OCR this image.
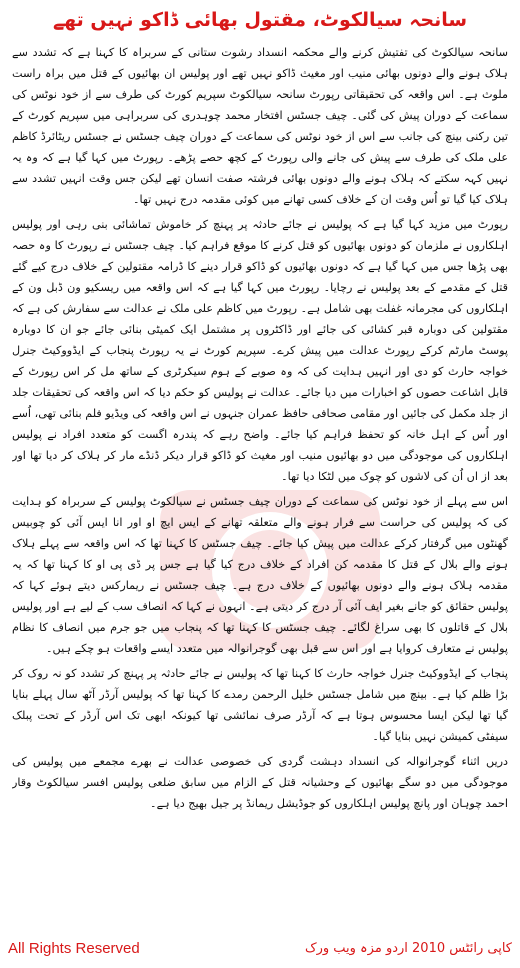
سانحہ سیالکوٹ، مقتول بھائی ڈاکو نہیں تھے

سانحہ سیالکوٹ کی تفتیش کرنے والے محکمہ انسداد رشوت ستانی کے سربراہ کا کہنا ہے کہ تشدد سے ہلاک ہونے والے دونوں بھائی منیب اور مغیث ڈاکو نہیں تھے اور پولیس ان بھائیوں کے قتل میں براہ راست ملوث ہے۔ اس واقعہ کی تحقیقاتی رپورٹ سانحہ سیالکوٹ سپریم کورٹ کی طرف سے از خود نوٹس کی سماعت کے دوران پیش کی گئی۔ چیف جسٹس افتخار محمد چوہدری کی سربراہی میں سپریم کورٹ کے تین رکنی بینچ کی جانب سے اس از خود نوٹس کی سماعت کے دوران چیف جسٹس نے جسٹس ریٹائرڈ کاظم علی ملک کی طرف سے پیش کی جانے والی رپورٹ کے کچھ حصے پڑھے۔ رپورٹ میں کہا گیا ہے کہ وہ یہ نہیں کہہ سکتے کہ ہلاک ہونے والے دونوں بھائی فرشتہ صفت انسان تھے لیکن جس وقت انہیں تشدد سے ہلاک کیا گیا تو اُس وقت ان کے خلاف کسی تھانے میں کوئی مقدمہ درج نہیں تھا۔

رپورٹ میں مزید کہا گیا ہے کہ پولیس نے جائے حادثہ پر پہنچ کر خاموش تماشائی بنی رہی اور پولیس اہلکاروں نے ملزمان کو دونوں بھائیوں کو قتل کرنے کا موقع فراہم کیا۔ چیف جسٹس نے رپورٹ کا وہ حصہ بھی پڑھا جس میں کہا گیا ہے کہ دونوں بھائیوں کو ڈاکو قرار دینے کا ڈرامہ مقتولین کے خلاف درج کیے گئے قتل کے مقدمے کے بعد پولیس نے رچایا۔ رپورٹ میں کہا گیا ہے کہ اس واقعہ میں ریسکیو ون ڈبل ون کے اہلکاروں کی مجرمانہ غفلت بھی شامل ہے۔ رپورٹ میں کاظم علی ملک نے عدالت سے سفارش کی ہے کہ مقتولین کی دوبارہ قبر کشائی کی جائے اور ڈاکٹروں پر مشتمل ایک کمیٹی بنائی جائے جو ان کا دوبارہ پوسٹ مارٹم کرکے رپورٹ عدالت میں پیش کرے۔ سپریم کورٹ نے یہ رپورٹ پنجاب کے ایڈووکیٹ جنرل خواجہ حارث کو دی اور انہیں ہدایت کی کہ وہ صوبے کے ہوم سیکرٹری کے ساتھ مل کر اس رپورٹ کے قابل اشاعت حصوں کو اخبارات میں دیا جائے۔ عدالت نے پولیس کو حکم دیا کہ اس واقعہ کی تحقیقات جلد از جلد مکمل کی جائیں اور مقامی صحافی حافظ عمران جنہوں نے اس واقعہ کی ویڈیو فلم بنائی تھی، اُسے اور اُس کے اہل خانہ کو تحفظ فراہم کیا جائے۔ واضح رہے کہ پندرہ اگست کو متعدد افراد نے پولیس اہلکاروں کی موجودگی میں دو بھائیوں منیب اور مغیث کو ڈاکو قرار دیکر ڈنڈے مار کر ہلاک کر دیا تھا اور بعد از اں اُن کی لاشوں کو چوک میں لٹکا دیا تھا۔

اس سے پہلے از خود نوٹس کی سماعت کے دوران چیف جسٹس نے سیالکوٹ پولیس کے سربراہ کو ہدایت کی کہ پولیس کی حراست سے فرار ہونے والے متعلقہ تھانے کے ایس ایچ او اور انا ایس آئی کو چوبیس گھنٹوں میں گرفتار کرکے عدالت میں پیش کیا جائے۔ چیف جسٹس کا کہنا تھا کہ اس واقعہ سے پہلے ہلاک ہونے والے بلال کے قتل کا مقدمہ کن افراد کے خلاف درج کیا گیا ہے جس پر ڈی پی او کا کہنا تھا کہ یہ مقدمہ ہلاک ہونے والے دونوں بھائیوں کے خلاف درج ہے۔ چیف جسٹس نے ریمارکس دیتے ہوئے کہا کہ پولیس حقائق کو جانے بغیر ایف آئی آر درج کر دیتی ہے۔ انہوں نے کہا کہ انصاف سب کے لیے ہے اور پولیس بلال کے قاتلوں کا بھی سراغ لگائے۔ چیف جسٹس کا کہنا تھا کہ پنجاب میں جو جرم میں انصاف کا نظام پولیس نے متعارف کروایا ہے اور اس سے قبل بھی گوجرانوالہ میں متعدد ایسے واقعات ہو چکے ہیں۔

پنجاب کے ایڈووکیٹ جنرل خواجہ حارث کا کہنا تھا کہ پولیس نے جائے حادثہ پر پہنچ کر تشدد کو نہ روک کر بڑا ظلم کیا ہے۔ بینچ میں شامل جسٹس خلیل الرحمن رمدے کا کہنا تھا کہ پولیس آرڈر آٹھ سال پہلے بنایا گیا تھا لیکن ایسا محسوس ہوتا ہے کہ آرڈر صرف نمائشی تھا کیونکہ ابھی تک اس آرڈر کے تحت پبلک سیفٹی کمیشن نہیں بنایا گیا۔

دریں اثناء گوجرانوالہ کی انسداد دہشت گردی کی خصوصی عدالت نے بھرے مجمعے میں پولیس کی موجودگی میں دو سگے بھائیوں کے وحشیانہ قتل کے الزام میں سابق ضلعی پولیس افسر سیالکوٹ وقار احمد چوہان اور پانچ پولیس اہلکاروں کو جوڈیشل ریمانڈ پر جیل بھیج دیا ہے۔

All Rights Reserved	کاپی رائٹس 2010 اردو مزہ ویب ورک
